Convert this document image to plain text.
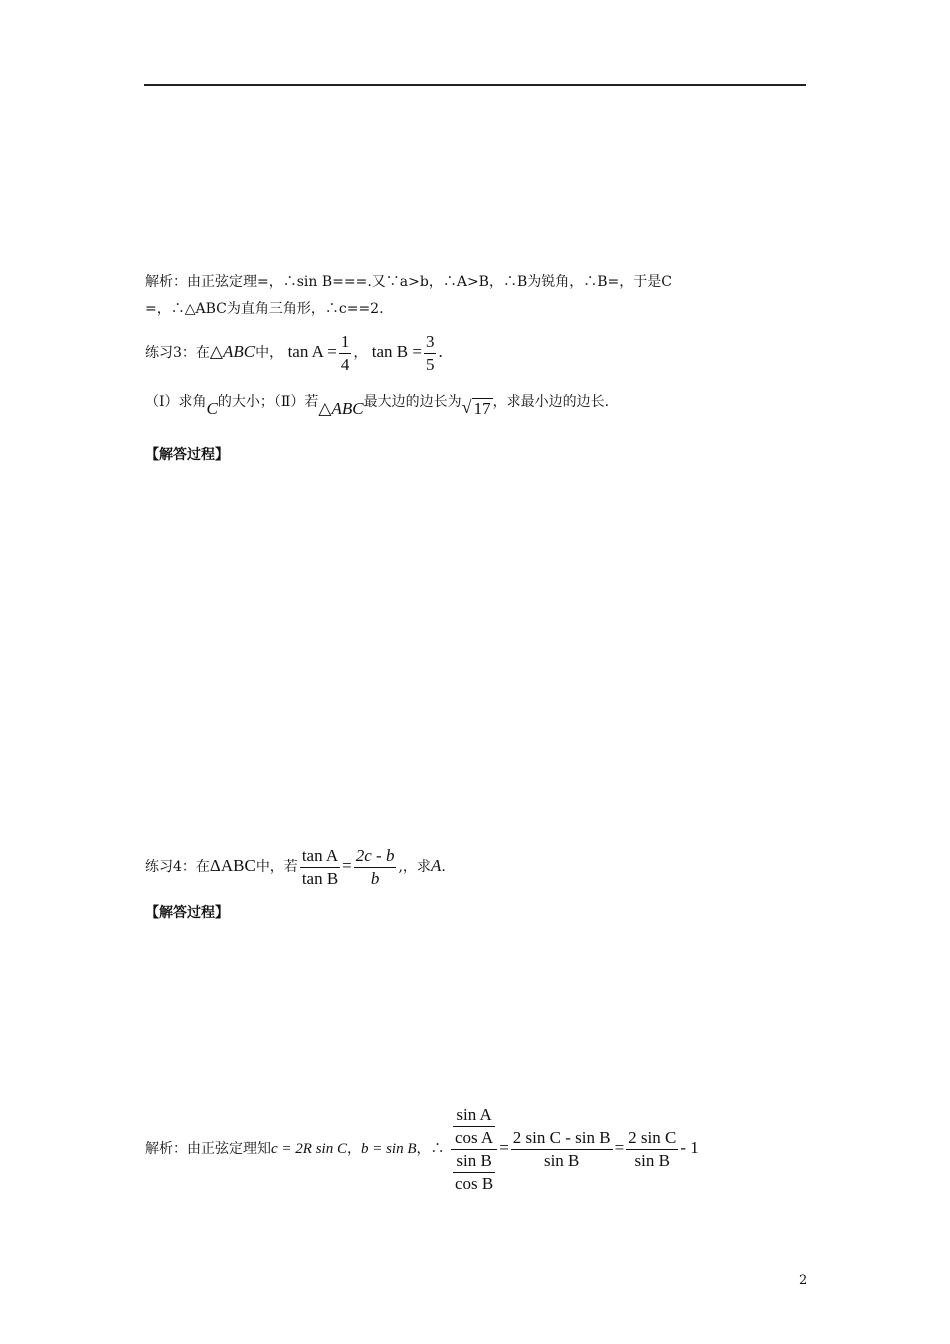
解析：由正弦定理=，∴sin B===.又∵a>b，∴A>B，∴B为锐角，∴B=，于是C
=，∴△ABC为直角三角形，∴c==2.
练习3：在△ABC中， $\tan A = \frac{1}{4}$ ， $\tan B = \frac{3}{5}$ .
（Ⅰ）求角C的大小；（Ⅱ）若△ABC最大边的边长为 √ 17 ，求最小边的边长.
【解答过程】
练习4：在ΔABC中，若 $\frac{\text{tan A}}{\text{tan B}} = \frac{2c - b}{b}$ ,，求A.
【解答过程】
解析：由正弦定理知c = 2R sin C，b = sin B，∴ $\frac{\frac{\text{sin A}}{\text{cos A}}}{\frac{\text{sin B}}{\text{cos B}}} = \frac{\text{2 sin C - sin B}}{\text{sin B}} = \frac{\text{2 sin C}}{\text{sin B}} - 1$
2
